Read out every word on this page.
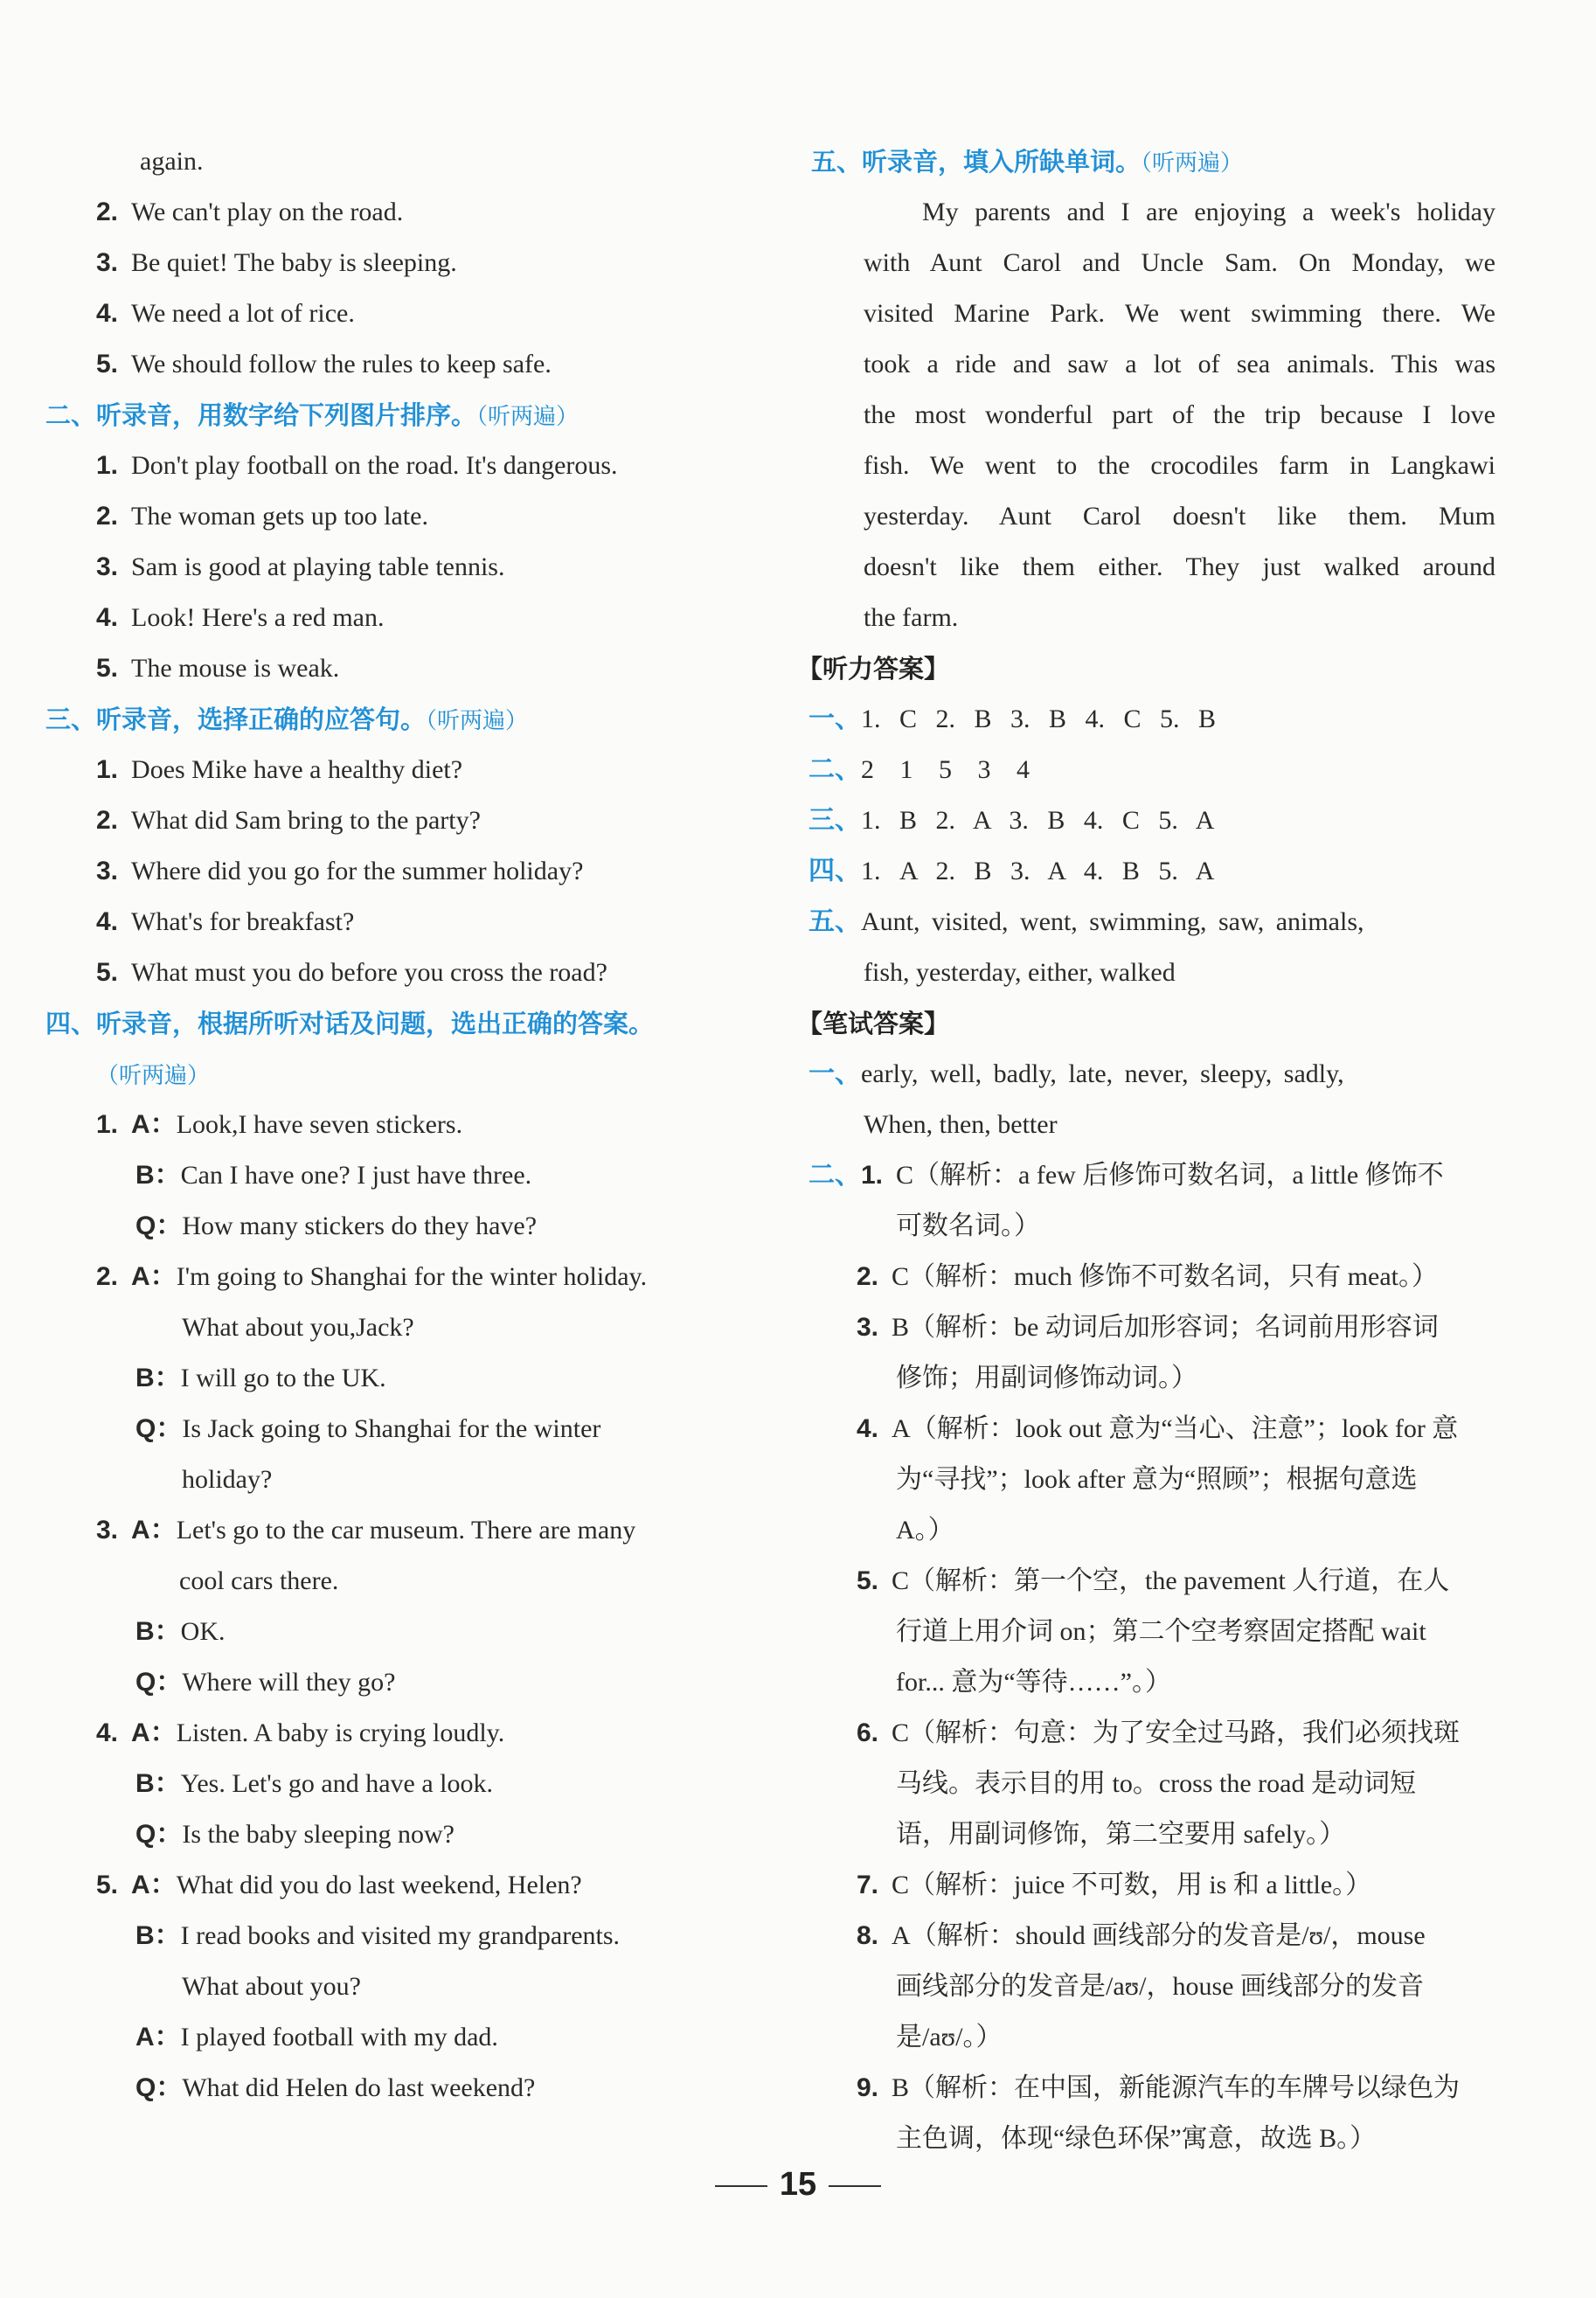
again.
2. We can't play on the road.
3. Be quiet! The baby is sleeping.
4. We need a lot of rice.
5. We should follow the rules to keep safe.
二、听录音，用数字给下列图片排序。（听两遍）
1. Don't play football on the road. It's dangerous.
2. The woman gets up too late.
3. Sam is good at playing table tennis.
4. Look! Here's a red man.
5. The mouse is weak.
三、听录音，选择正确的应答句。（听两遍）
1. Does Mike have a healthy diet?
2. What did Sam bring to the party?
3. Where did you go for the summer holiday?
4. What's for breakfast?
5. What must you do before you cross the road?
四、听录音，根据所听对话及问题，选出正确的答案。
（听两遍）
1. A：Look,I have seven stickers.
B：Can I have one? I just have three.
Q：How many stickers do they have?
2. A：I'm going to Shanghai for the winter holiday.
What about you,Jack?
B：I will go to the UK.
Q：Is Jack going to Shanghai for the winter
holiday?
3. A：Let's go to the car museum. There are many
cool cars there.
B：OK.
Q：Where will they go?
4. A：Listen. A baby is crying loudly.
B：Yes. Let's go and have a look.
Q：Is the baby sleeping now?
5. A：What did you do last weekend, Helen?
B：I read books and visited my grandparents.
What about you?
A：I played football with my dad.
Q：What did Helen do last weekend?
五、听录音，填入所缺单词。（听两遍）
My parents and I are enjoying a week's holiday
with Aunt Carol and Uncle Sam. On Monday, we
visited Marine Park. We went swimming there. We
took a ride and saw a lot of sea animals. This was
the most wonderful part of the trip because I love
fish. We went to the crocodiles farm in Langkawi
yesterday. Aunt Carol doesn't like them. Mum
doesn't like them either. They just walked around
the farm.
【听力答案】
一、1. C 2. B 3. B 4. C 5. B
二、2 1 5 3 4
三、1. B 2. A 3. B 4. C 5. A
四、1. A 2. B 3. A 4. B 5. A
五、Aunt, visited, went, swimming, saw, animals,
fish, yesterday, either, walked
【笔试答案】
一、early, well, badly, late, never, sleepy, sadly,
When, then, better
二、1. C（解析：a few 后修饰可数名词，a little 修饰不
可数名词。）
2. C（解析：much 修饰不可数名词，只有 meat。）
3. B（解析：be 动词后加形容词；名词前用形容词
修饰；用副词修饰动词。）
4. A（解析：look out 意为“当心、注意”；look for 意
为“寻找”；look after 意为“照顾”；根据句意选
A。）
5. C（解析：第一个空，the pavement 人行道，在人
行道上用介词 on；第二个空考察固定搭配 wait
for... 意为“等待……”。）
6. C（解析：句意：为了安全过马路，我们必须找斑
马线。表示目的用 to。cross the road 是动词短
语，用副词修饰，第二空要用 safely。）
7. C（解析：juice 不可数，用 is 和 a little。）
8. A（解析：should 画线部分的发音是/ʊ/，mouse
画线部分的发音是/aʊ/，house 画线部分的发音
是/aʊ/。）
9. B（解析：在中国，新能源汽车的车牌号以绿色为
主色调，体现“绿色环保”寓意，故选 B。）
15
